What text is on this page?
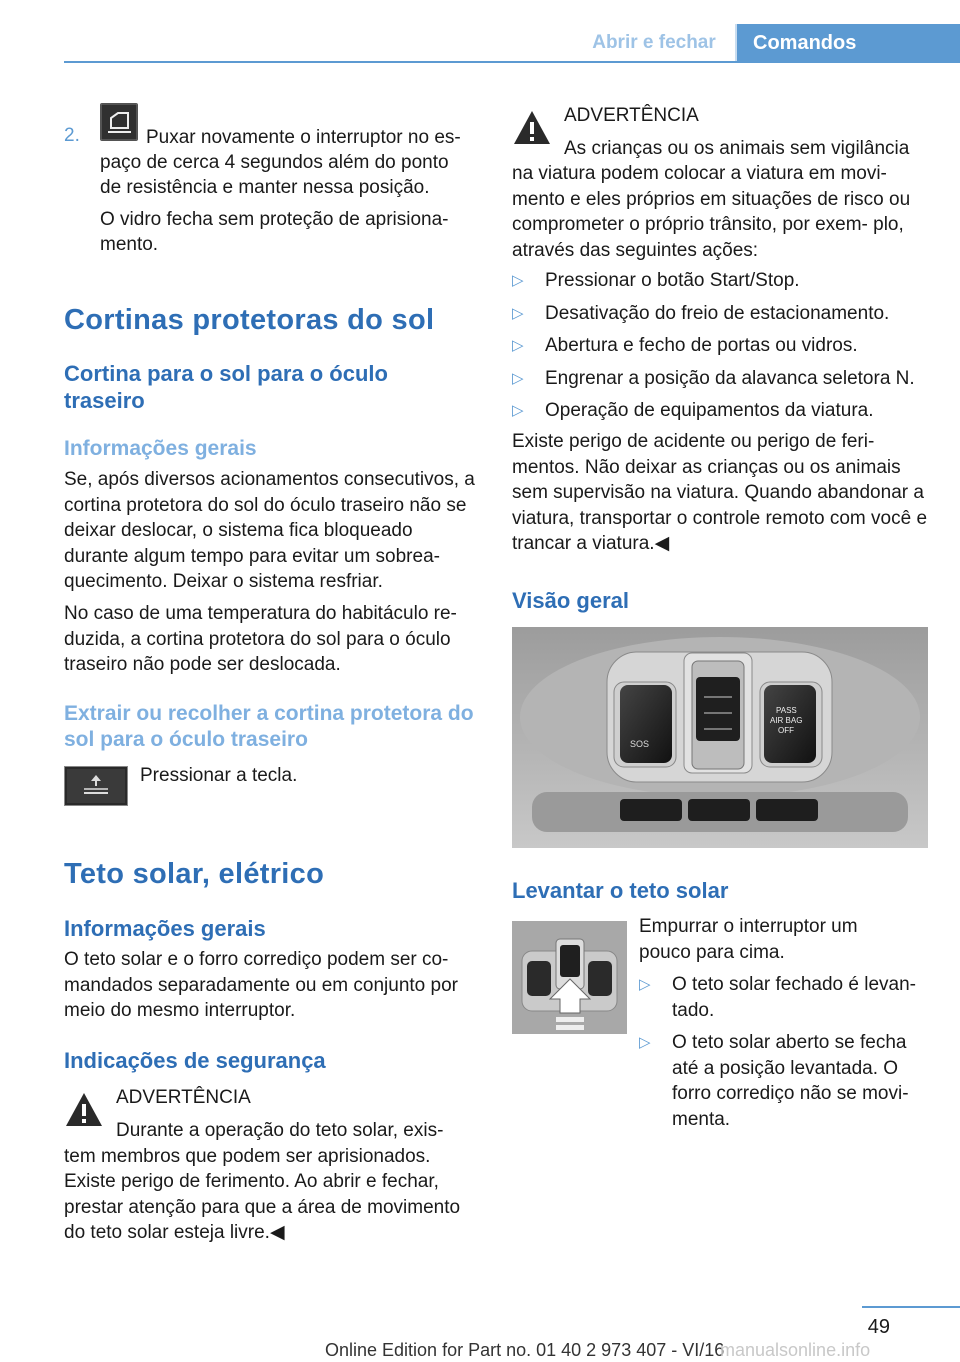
Abrir e fechar	Comandos
2.	Puxar novamente o interruptor no es-

paço de cerca 4 segundos além do ponto

de resistência e manter nessa posição.

O vidro fecha sem proteção de aprisiona-

mento.

Cortinas protetoras do sol
Cortina para o sol para o óculo traseiro
Informações gerais

Se, após diversos acionamentos consecutivos, a cortina protetora do sol do óculo traseiro não se deixar deslocar, o sistema fica bloqueado durante algum tempo para evitar um sobrea- quecimento. Deixar o sistema resfriar.

No caso de uma temperatura do habitáculo re- duzida, a cortina protetora do sol para o óculo traseiro não pode ser deslocada.

Extrair ou recolher a cortina protetora do sol para o óculo traseiro

Pressionar a tecla.

Teto solar, elétrico
Informações gerais

O teto solar e o forro corrediço podem ser co- mandados separadamente ou em conjunto por meio do mesmo interruptor.

Indicações de segurança

ADVERTÊNCIA

Durante a operação do teto solar, exis- tem membros que podem ser aprisionados. Existe perigo de ferimento. Ao abrir e fechar, prestar atenção para que a área de movimento do teto solar esteja livre.◀

ADVERTÊNCIA

As crianças ou os animais sem vigilância

na viatura podem colocar a viatura em movi- mento e eles próprios em situações de risco ou comprometer o próprio trânsito, por exem- plo, através das seguintes ações:

▷ Pressionar o botão Start/Stop.
▷ Desativação do freio de estacionamento.
▷ Abertura e fecho de portas ou vidros.
▷ Engrenar a posição da alavanca seletora N.
▷ Operação de equipamentos da viatura.

Existe perigo de acidente ou perigo de feri- mentos. Não deixar as crianças ou os animais sem supervisão na viatura. Quando abandonar a viatura, transportar o controle remoto com você e trancar a viatura.◀

Visão geral
SOS
PASS
AIR BAG
OFF
Levantar o teto solar

Empurrar o interruptor um pouco para cima.

▷ O teto solar fechado é levan- tado.
▷ O teto solar aberto se fecha até a posição levantada. O forro corrediço não se movi- menta.
49
Online Edition for Part no. 01 40 2 973 407 - VI/16
manualsonline.info
